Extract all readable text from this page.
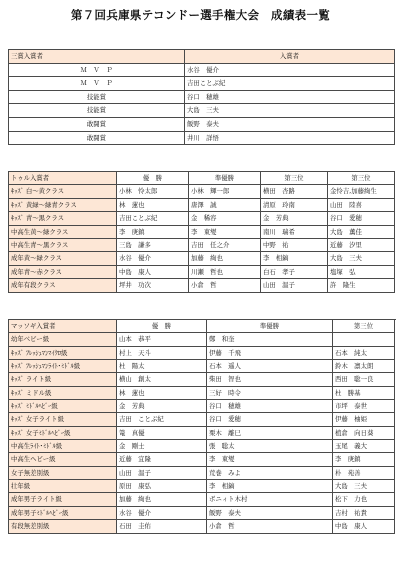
第７回兵庫県テコンドー選手権大会　成績表一覧
三賞入賞者	入賞者
Ｍ　Ｖ　Ｐ	水谷　優介
Ｍ　Ｖ　Ｐ	吉田ことぶ紀
技能賞	谷口　穂雄
技能賞	大島　三夫
敢闘賞	飯野　泰夫
敢闘賞	井川　詳悟
トゥル入賞者	優　勝	準優勝	第三位	第三位
ｷｯｽﾞ 白～黄クラス	小林　怜太郎	小林　輝一郎	横田　杏路	金怜吉,加藤絢生
ｷｯｽﾞ 黄緑～緑青クラス	林　蓮也	唐澤　誠	清原　玲南	山田　陸喜
ｷｯｽﾞ 青～黒クラス	吉田ことぶ紀	金　稀容	金　芳典	谷口　愛穂
中高生黄～緑クラス	李　庚鎮	李　東燮	南川　瑞希	大島　薫佳
中高生青～黒クラス	三島　謙多	吉田　任之介	中野　祐	近藤　汐里
成年黄～緑クラス	水谷　優介	加藤　絢也	李　相鎬	大島　三夫
成年青～赤クラス	中島　康人	川瀬　哲也	白石　孝子	塩塚　弘
成年有段クラス	坪井　功次	小倉　哲	山田　温子	許　隆生
マッソギ入賞者	優　勝	準優勝	第三位	
幼年ベビー級	山本　恭平	鄭　和奎		
ｷｯｽﾞ ﾌﾚｯｼｭﾏﾝﾏｲｸﾛ級	村上　天斗	伊藤　千飛	石本　純太	
ｷｯｽﾞ ﾌﾚｯｼｭﾏﾝﾗｲﾄ･ﾐﾄﾞﾙ級	杜　陽太	石本　遥人	鈴木　凛太朗	
ｷｯｽﾞ ライト級	横山　創太	柴田　智也	西田　聡一良	
ｷｯｽﾞ ミドル級	林　蓮也	三好　時令	杜　勝基	
ｷｯｽﾞ ﾐﾄﾞﾙﾍﾋﾞｰ級	金　芳典	谷口　穂雄	市坪　泰世	
ｷｯｽﾞ 女子ライト級	吉田　ことぶ紀	谷口　愛穂	伊藤　柚姫	
ｷｯｽﾞ 女子ﾐﾄﾞﾙﾍﾋﾞｰ級	篭　真優	栗木　離巳	植倉　向日葵	
中高生ﾗｲﾄ･ﾐﾄﾞﾙ級	金　剛士	張　聡太	玉尾　義大	
中高生ヘビー級	近藤　宜隆	李　東燮	李　庚鎮	
女子無差別級	山田　温子	荒巻　みよ	朴　苑善	
壮年級	原田　康弘	李　相鎬	大島　三夫	
成年男子ライト級	加藤　絢也	ボニィト木村	松下　力也	
成年男子ﾐﾄﾞﾙﾍﾋﾞｰ級	水谷　優介	飯野　泰夫	吉村　祐貴	
有段無差別級	石田　圭佑	小倉　哲	中島　康人	
